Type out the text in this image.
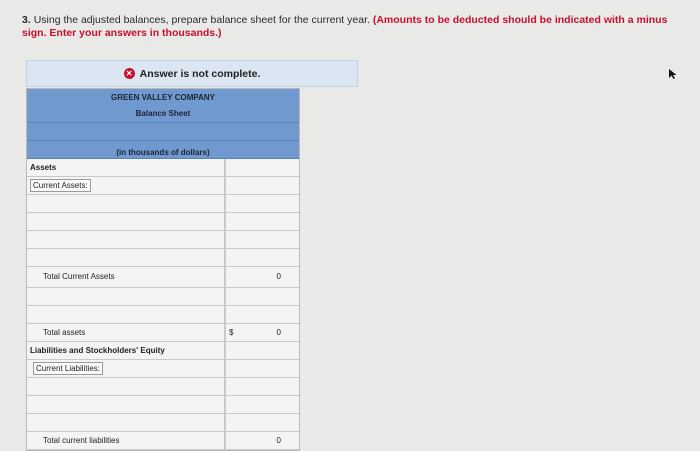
3. Using the adjusted balances, prepare balance sheet for the current year. (Amounts to be deducted should be indicated with a minus sign. Enter your answers in thousands.)
✕ Answer is not complete.
GREEN VALLEY COMPANY
Balance Sheet
(in thousands of dollars)
Assets
Current Assets:
Total Current Assets	0
Total assets	$	0
Liabilities and Stockholders' Equity
Current Liabilities:
Total current liabilities	0
